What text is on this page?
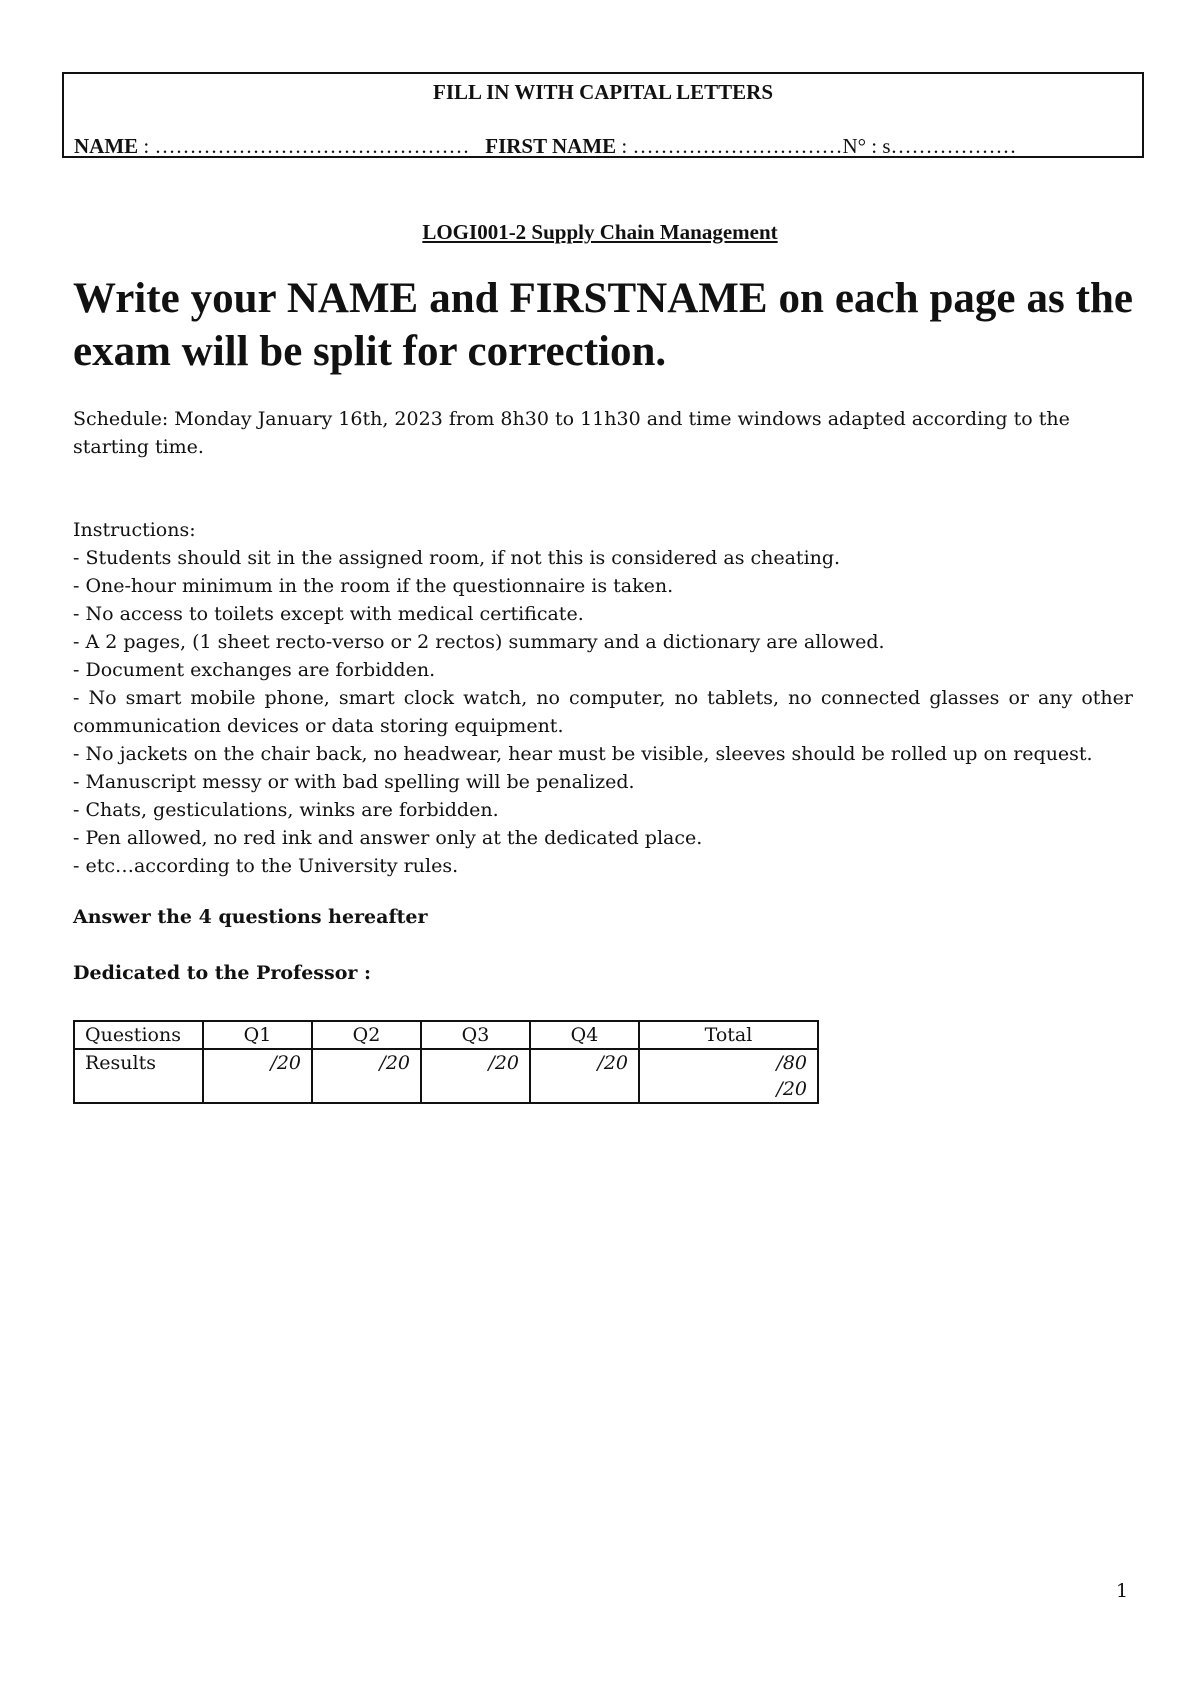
FILL IN WITH CAPITAL LETTERS
NAME : ………………………………………   FIRST NAME : …………………………N° : s………………
LOGI001-2 Supply Chain Management
Write your NAME and FIRSTNAME on each page as the exam will be split for correction.
Schedule: Monday January 16th, 2023 from 8h30 to 11h30 and time windows adapted according to the starting time.
Instructions:
- Students should sit in the assigned room, if not this is considered as cheating.
- One-hour minimum in the room if the questionnaire is taken.
- No access to toilets except with medical certificate.
- A 2 pages, (1 sheet recto-verso or 2 rectos) summary and a dictionary are allowed.
- Document exchanges are forbidden.
- No smart mobile phone, smart clock watch, no computer, no tablets, no connected glasses or any other communication devices or data storing equipment.
- No jackets on the chair back, no headwear, hear must be visible, sleeves should be rolled up on request.
- Manuscript messy or with bad spelling will be penalized.
- Chats, gesticulations, winks are forbidden.
- Pen allowed, no red ink and answer only at the dedicated place.
- etc…according to the University rules.
Answer the 4 questions hereafter
Dedicated to the Professor :
Questions	Q1	Q2	Q3	Q4	Total
Results	/20	/20	/20	/20	/80
/20
1
